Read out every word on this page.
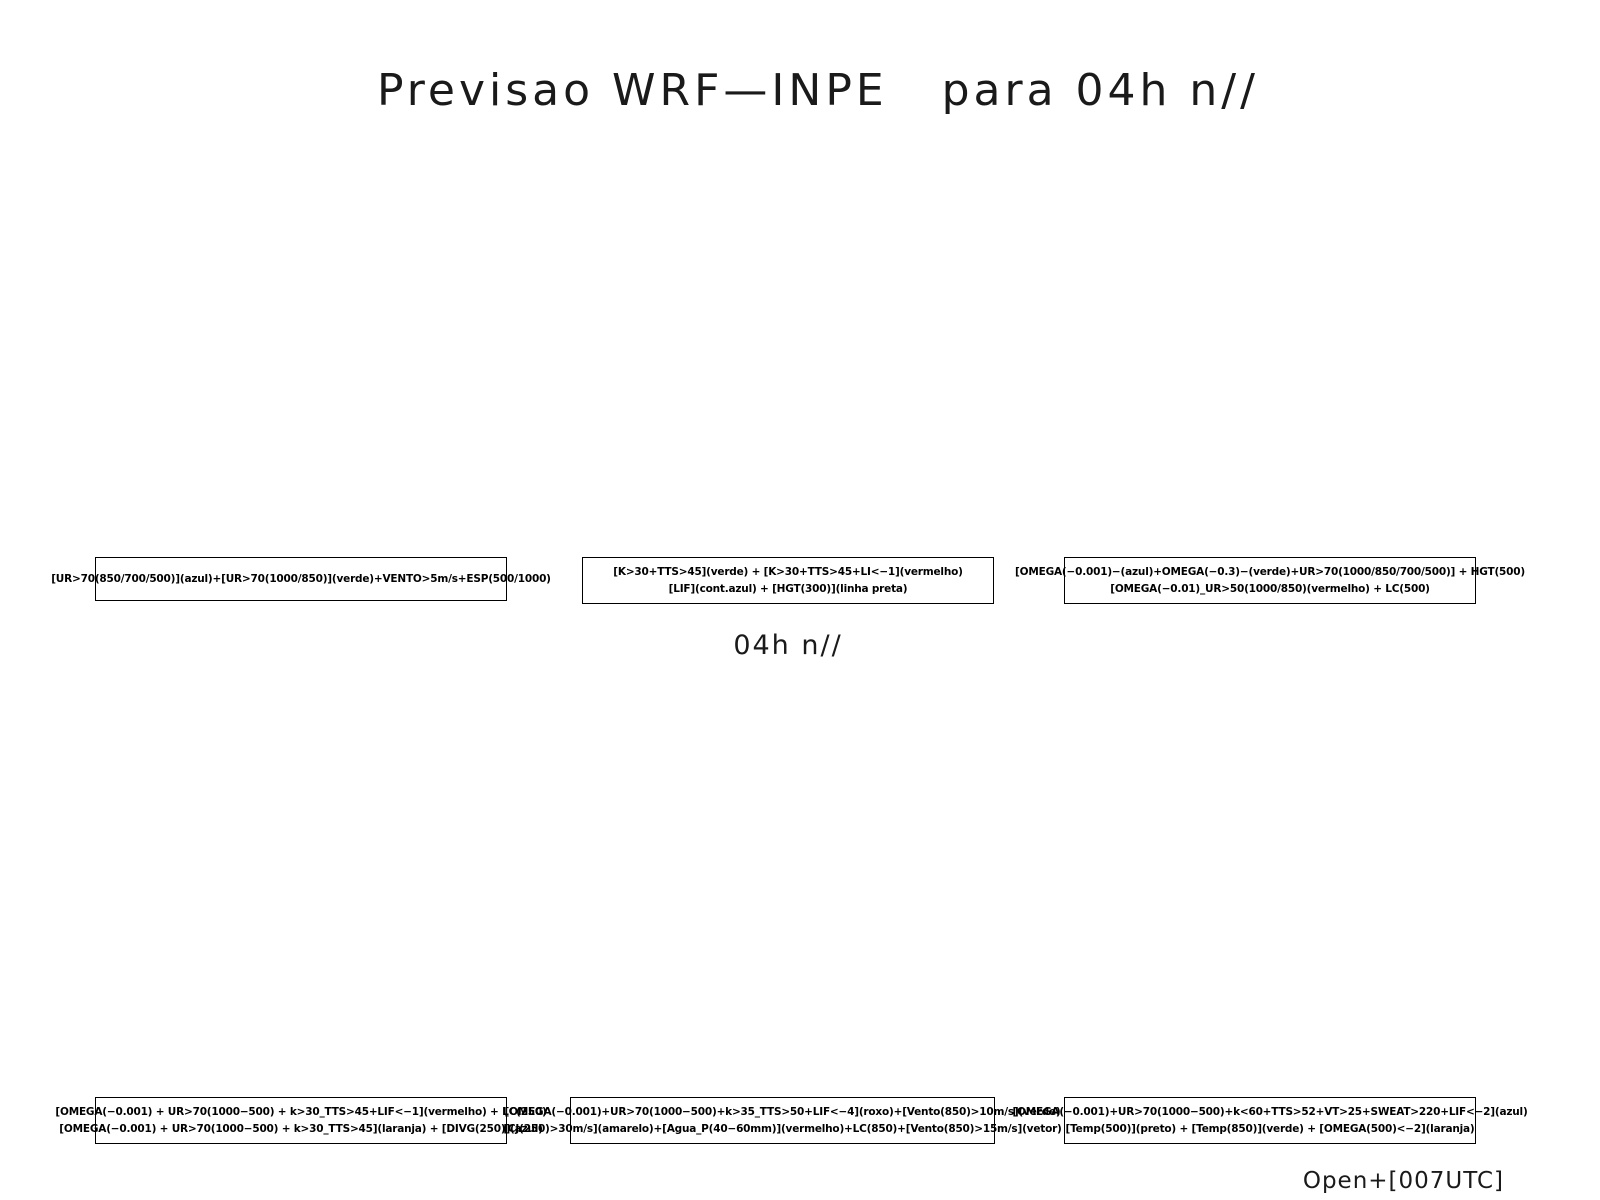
Previsao WRF—INPE   para 04h n//

[UR>70(850/700/500)](azul)+[UR>70(1000/850)](verde)+VENTO>5m/s+ESP(500/1000)
[K>30+TTS>45](verde) + [K>30+TTS>45+LI<−1](vermelho)
[LIF](cont.azul) + [HGT(300)](linha preta)
[OMEGA(−0.001)−(azul)+OMEGA(−0.3)−(verde)+UR>70(1000/850/700/500)] + HGT(500)
[OMEGA(−0.01)_UR>50(1000/850)(vermelho) + LC(500)
04h n//
[OMEGA(−0.001) + UR>70(1000−500) + k>30_TTS>45+LIF<−1](vermelho) + LC(250)
[OMEGA(−0.001) + UR>70(1000−500) + k>30_TTS>45](laranja) + [DIVG(250)](azul)
[OMEGA(−0.001)+UR>70(1000−500)+k>35_TTS>50+LIF<−4](roxo)+[Vento(850)>10m/s](verde)
[CJ(250)>30m/s](amarelo)+[Agua_P(40−60mm)](vermelho)+LC(850)+[Vento(850)>15m/s](vetor)
[OMEGA(−0.001)+UR>70(1000−500)+k<60+TTS>52+VT>25+SWEAT>220+LIF<−2](azul)
[Temp(500)](preto) + [Temp(850)](verde) + [OMEGA(500)<−2](laranja)
Open+[007UTC]
